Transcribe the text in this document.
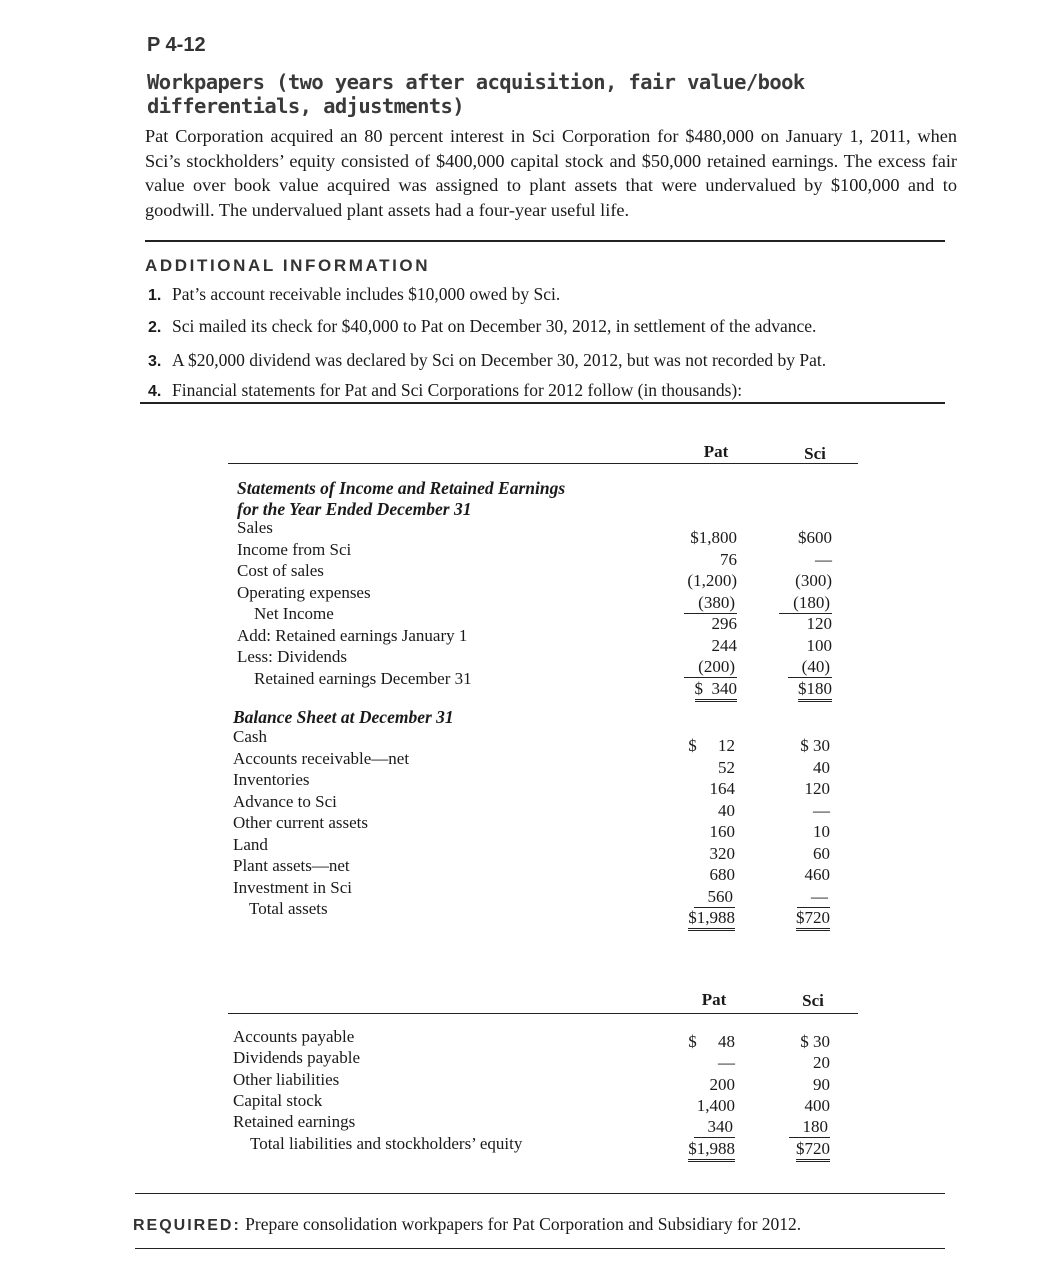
P 4-12
Workpapers (two years after acquisition, fair value/book differentials, adjustments)
Pat Corporation acquired an 80 percent interest in Sci Corporation for $480,000 on January 1, 2011, when Sci’s stockholders’ equity consisted of $400,000 capital stock and $50,000 retained earnings. The excess fair value over book value acquired was assigned to plant assets that were undervalued by $100,000 and to goodwill. The undervalued plant assets had a four-year useful life.
ADDITIONAL INFORMATION
1. Pat’s account receivable includes $10,000 owed by Sci.
2. Sci mailed its check for $40,000 to Pat on December 30, 2012, in settlement of the advance.
3. A $20,000 dividend was declared by Sci on December 30, 2012, but was not recorded by Pat.
4. Financial statements for Pat and Sci Corporations for 2012 follow (in thousands):
Pat	Sci
Statements of Income and Retained Earnings
for the Year Ended December 31
Sales
$1,800	$600
Income from Sci
76	—
Cost of sales
(1,200)	(300)
Operating expenses
(380)	(180)
Net Income
296	120
Add: Retained earnings January 1
244	100
Less: Dividends
(200)	(40)
Retained earnings December 31
$  340	$180
Balance Sheet at December 31
Cash	$     12	$ 30
Accounts receivable—net	52	40
Inventories	164	120
Advance to Sci	40	—
Other current assets	160	10
Land	320	60
Plant assets—net	680	460
Investment in Sci	560	—
Total assets	$1,988	$720
Pat	Sci
Accounts payable	$     48	$ 30
Dividends payable	—	20
Other liabilities	200	90
Capital stock	1,400	400
Retained earnings	340	180
Total liabilities and stockholders’ equity	$1,988	$720
REQUIRED: Prepare consolidation workpapers for Pat Corporation and Subsidiary for 2012.
